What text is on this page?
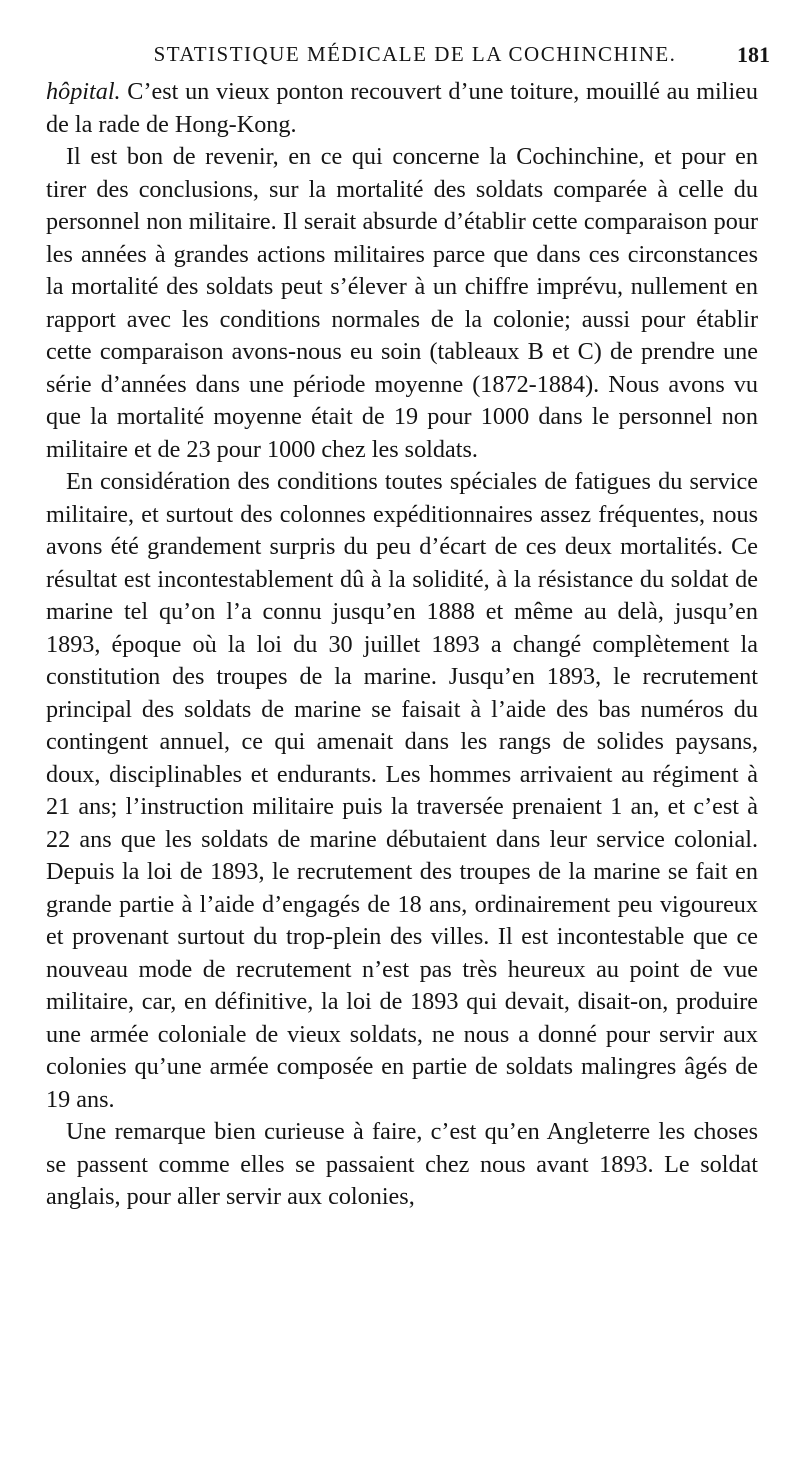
STATISTIQUE MÉDICALE DE LA COCHINCHINE.	181

hôpital. C’est un vieux ponton recouvert d’une toiture, mouillé au milieu de la rade de Hong-Kong.

Il est bon de revenir, en ce qui concerne la Cochinchine, et pour en tirer des conclusions, sur la mortalité des soldats comparée à celle du personnel non militaire. Il serait absurde d’établir cette comparaison pour les années à grandes actions militaires parce que dans ces circonstances la mortalité des soldats peut s’élever à un chiffre imprévu, nullement en rapport avec les conditions normales de la colonie; aussi pour établir cette comparaison avons-nous eu soin (tableaux B et C) de prendre une série d’années dans une période moyenne (1872-1884). Nous avons vu que la mortalité moyenne était de 19 pour 1000 dans le personnel non militaire et de 23 pour 1000 chez les soldats.

En considération des conditions toutes spéciales de fatigues du service militaire, et surtout des colonnes expéditionnaires assez fréquentes, nous avons été grandement surpris du peu d’écart de ces deux mortalités. Ce résultat est incontestablement dû à la solidité, à la résistance du soldat de marine tel qu’on l’a connu jusqu’en 1888 et même au delà, jusqu’en 1893, époque où la loi du 30 juillet 1893 a changé complètement la constitution des troupes de la marine. Jusqu’en 1893, le recrutement principal des soldats de marine se faisait à l’aide des bas numéros du contingent annuel, ce qui amenait dans les rangs de solides paysans, doux, disciplinables et endurants. Les hommes arrivaient au régiment à 21 ans; l’instruction militaire puis la traversée prenaient 1 an, et c’est à 22 ans que les soldats de marine débutaient dans leur service colonial. Depuis la loi de 1893, le recrutement des troupes de la marine se fait en grande partie à l’aide d’engagés de 18 ans, ordinairement peu vigoureux et provenant surtout du trop-plein des villes. Il est incontestable que ce nouveau mode de recrutement n’est pas très heureux au point de vue militaire, car, en définitive, la loi de 1893 qui devait, disait-on, produire une armée coloniale de vieux soldats, ne nous a donné pour servir aux colonies qu’une armée composée en partie de soldats malingres âgés de 19 ans.

Une remarque bien curieuse à faire, c’est qu’en Angleterre les choses se passent comme elles se passaient chez nous avant 1893. Le soldat anglais, pour aller servir aux colonies,
